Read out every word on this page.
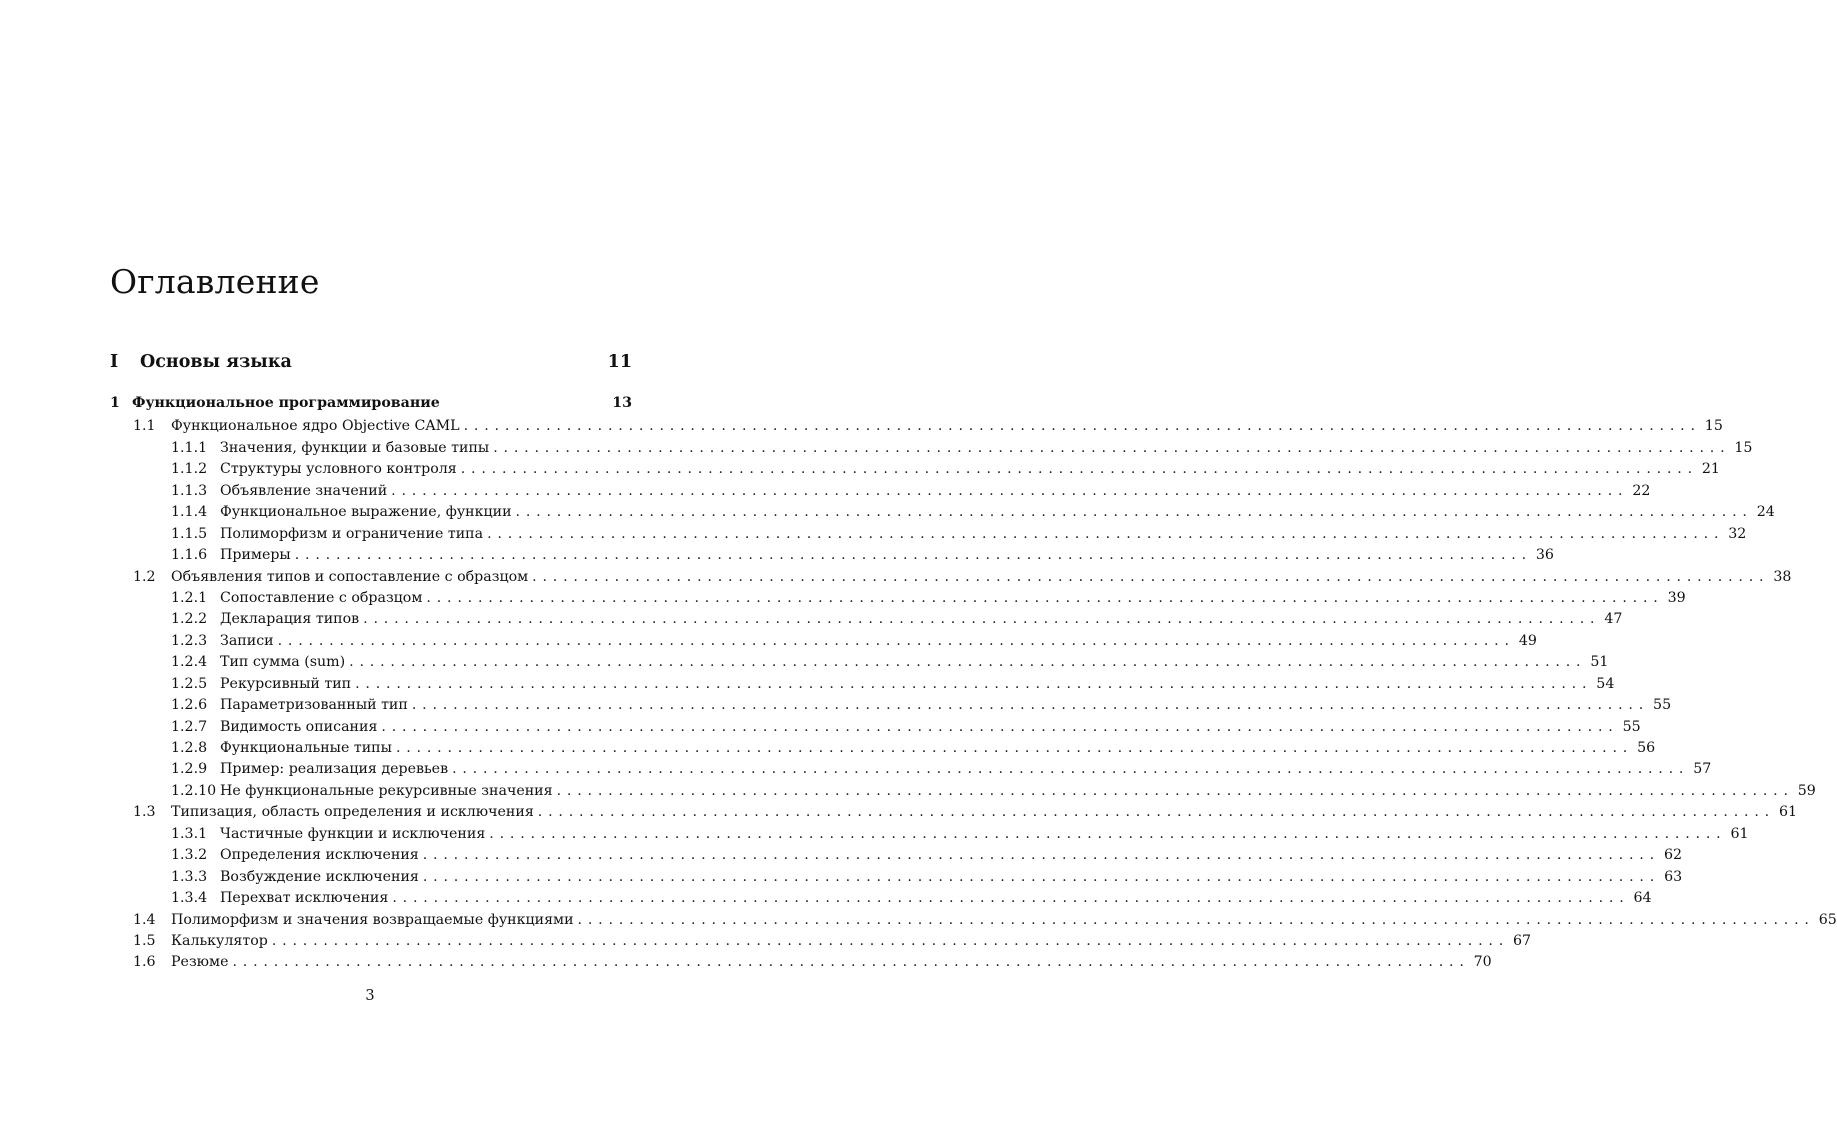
Оглавление
I	Основы языка	11
1 Функциональное программирование	13
1.1 Функциональное ядро Objective CAML ........................................................................................................................ 15
1.1.1 Значения, функции и базовые типы ........................................................................................................................ 15
1.1.2 Структуры условного контроля ........................................................................................................................ 21
1.1.3 Объявление значений ........................................................................................................................ 22
1.1.4 Функциональное выражение, функции ........................................................................................................................ 24
1.1.5 Полиморфизм и ограничение типа ........................................................................................................................ 32
1.1.6 Примеры ........................................................................................................................ 36
1.2 Объявления типов и сопоставление с образцом ........................................................................................................................ 38
1.2.1 Сопоставление с образцом ........................................................................................................................ 39
1.2.2 Декларация типов ........................................................................................................................ 47
1.2.3 Записи ........................................................................................................................ 49
1.2.4 Тип сумма (sum) ........................................................................................................................ 51
1.2.5 Рекурсивный тип ........................................................................................................................ 54
1.2.6 Параметризованный тип ........................................................................................................................ 55
1.2.7 Видимость описания ........................................................................................................................ 55
1.2.8 Функциональные типы ........................................................................................................................ 56
1.2.9 Пример: реализация деревьев ........................................................................................................................ 57
1.2.10 Не функциональные рекурсивные значения ........................................................................................................................ 59
1.3 Типизация, область определения и исключения ........................................................................................................................ 61
1.3.1 Частичные функции и исключения ........................................................................................................................ 61
1.3.2 Определения исключения ........................................................................................................................ 62
1.3.3 Возбуждение исключения ........................................................................................................................ 63
1.3.4 Перехват исключения ........................................................................................................................ 64
1.4 Полиморфизм и значения возвращаемые функциями ........................................................................................................................ 65
1.5 Калькулятор ........................................................................................................................ 67
1.6 Резюме ........................................................................................................................ 70
3
